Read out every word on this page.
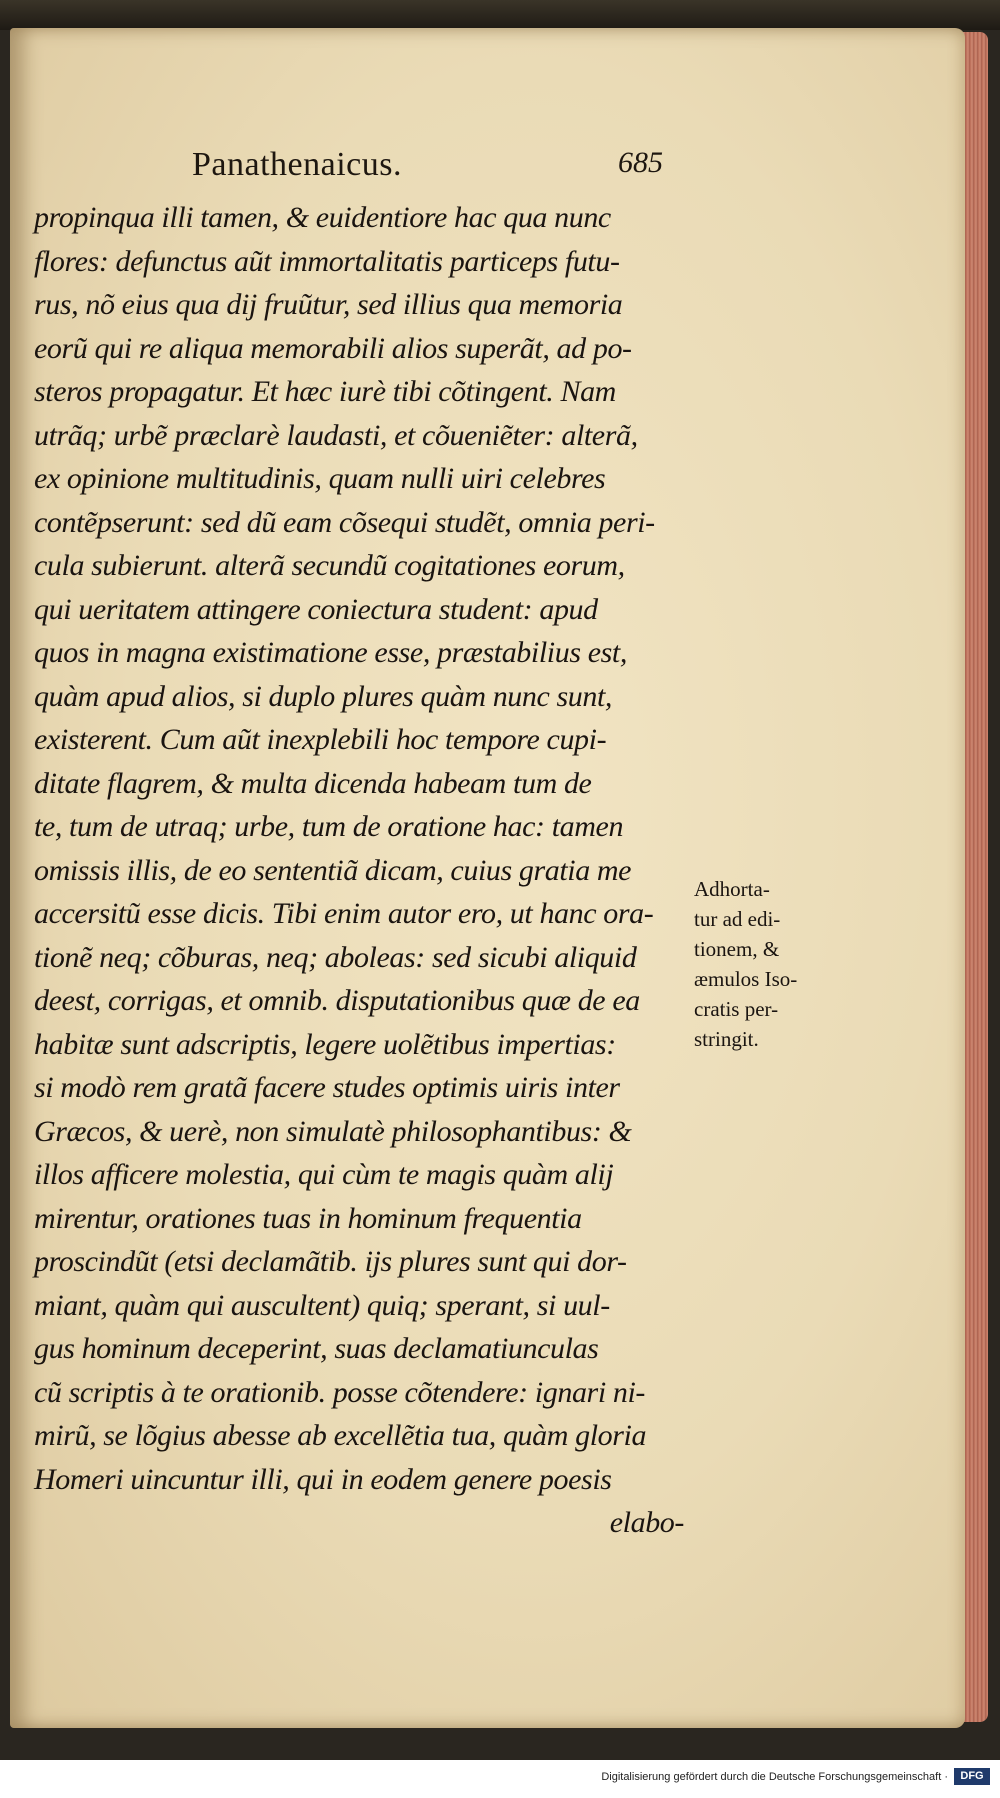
Panathenaicus.	685
propinqua illi tamen, & euidentiore hac qua nunc
flores: defunctus aũt immortalitatis particeps futu-
rus, nõ eius qua dij fruũtur, sed illius qua memoria
eorũ qui re aliqua memorabili alios superãt, ad po-
steros propagatur. Et hæc iurè tibi cõtingent. Nam
utrãq; urbẽ præclarè laudasti, et cõueniẽter: alterã,
ex opinione multitudinis, quam nulli uiri celebres
contẽpserunt: sed dũ eam cõsequi studẽt, omnia peri-
cula subierunt. alterã secundũ cogitationes eorum,
qui ueritatem attingere coniectura student: apud
quos in magna existimatione esse, præstabilius est,
quàm apud alios, si duplo plures quàm nunc sunt,
existerent. Cum aũt inexplebili hoc tempore cupi-
ditate flagrem, & multa dicenda habeam tum de
te, tum de utraq; urbe, tum de oratione hac: tamen
omissis illis, de eo sententiã dicam, cuius gratia me
accersitũ esse dicis. Tibi enim autor ero, ut hanc ora-
tionẽ neq; cõburas, neq; aboleas: sed sicubi aliquid
deest, corrigas, et omnib. disputationibus quæ de ea
habitæ sunt adscriptis, legere uolẽtibus impertias:
si modò rem gratã facere studes optimis uiris inter
Græcos, & uerè, non simulatè philosophantibus: &
illos afficere molestia, qui cùm te magis quàm alij
mirentur, orationes tuas in hominum frequentia
proscindũt (etsi declamãtib. ijs plures sunt qui dor-
miant, quàm qui auscultent) quiq; sperant, si uul-
gus hominum deceperint, suas declamatiunculas
cũ scriptis à te orationib. posse cõtendere: ignari ni-
mirũ, se lõgius abesse ab excellẽtia tua, quàm gloria
Homeri uincuntur illi, qui in eodem genere poesis
elabo-
Adhorta-
tur ad edi-
tionem, &
æmulos Iso-
cratis per-
stringit.
Digitalisierung gefördert durch die Deutsche Forschungsgemeinschaft ·	DFG
